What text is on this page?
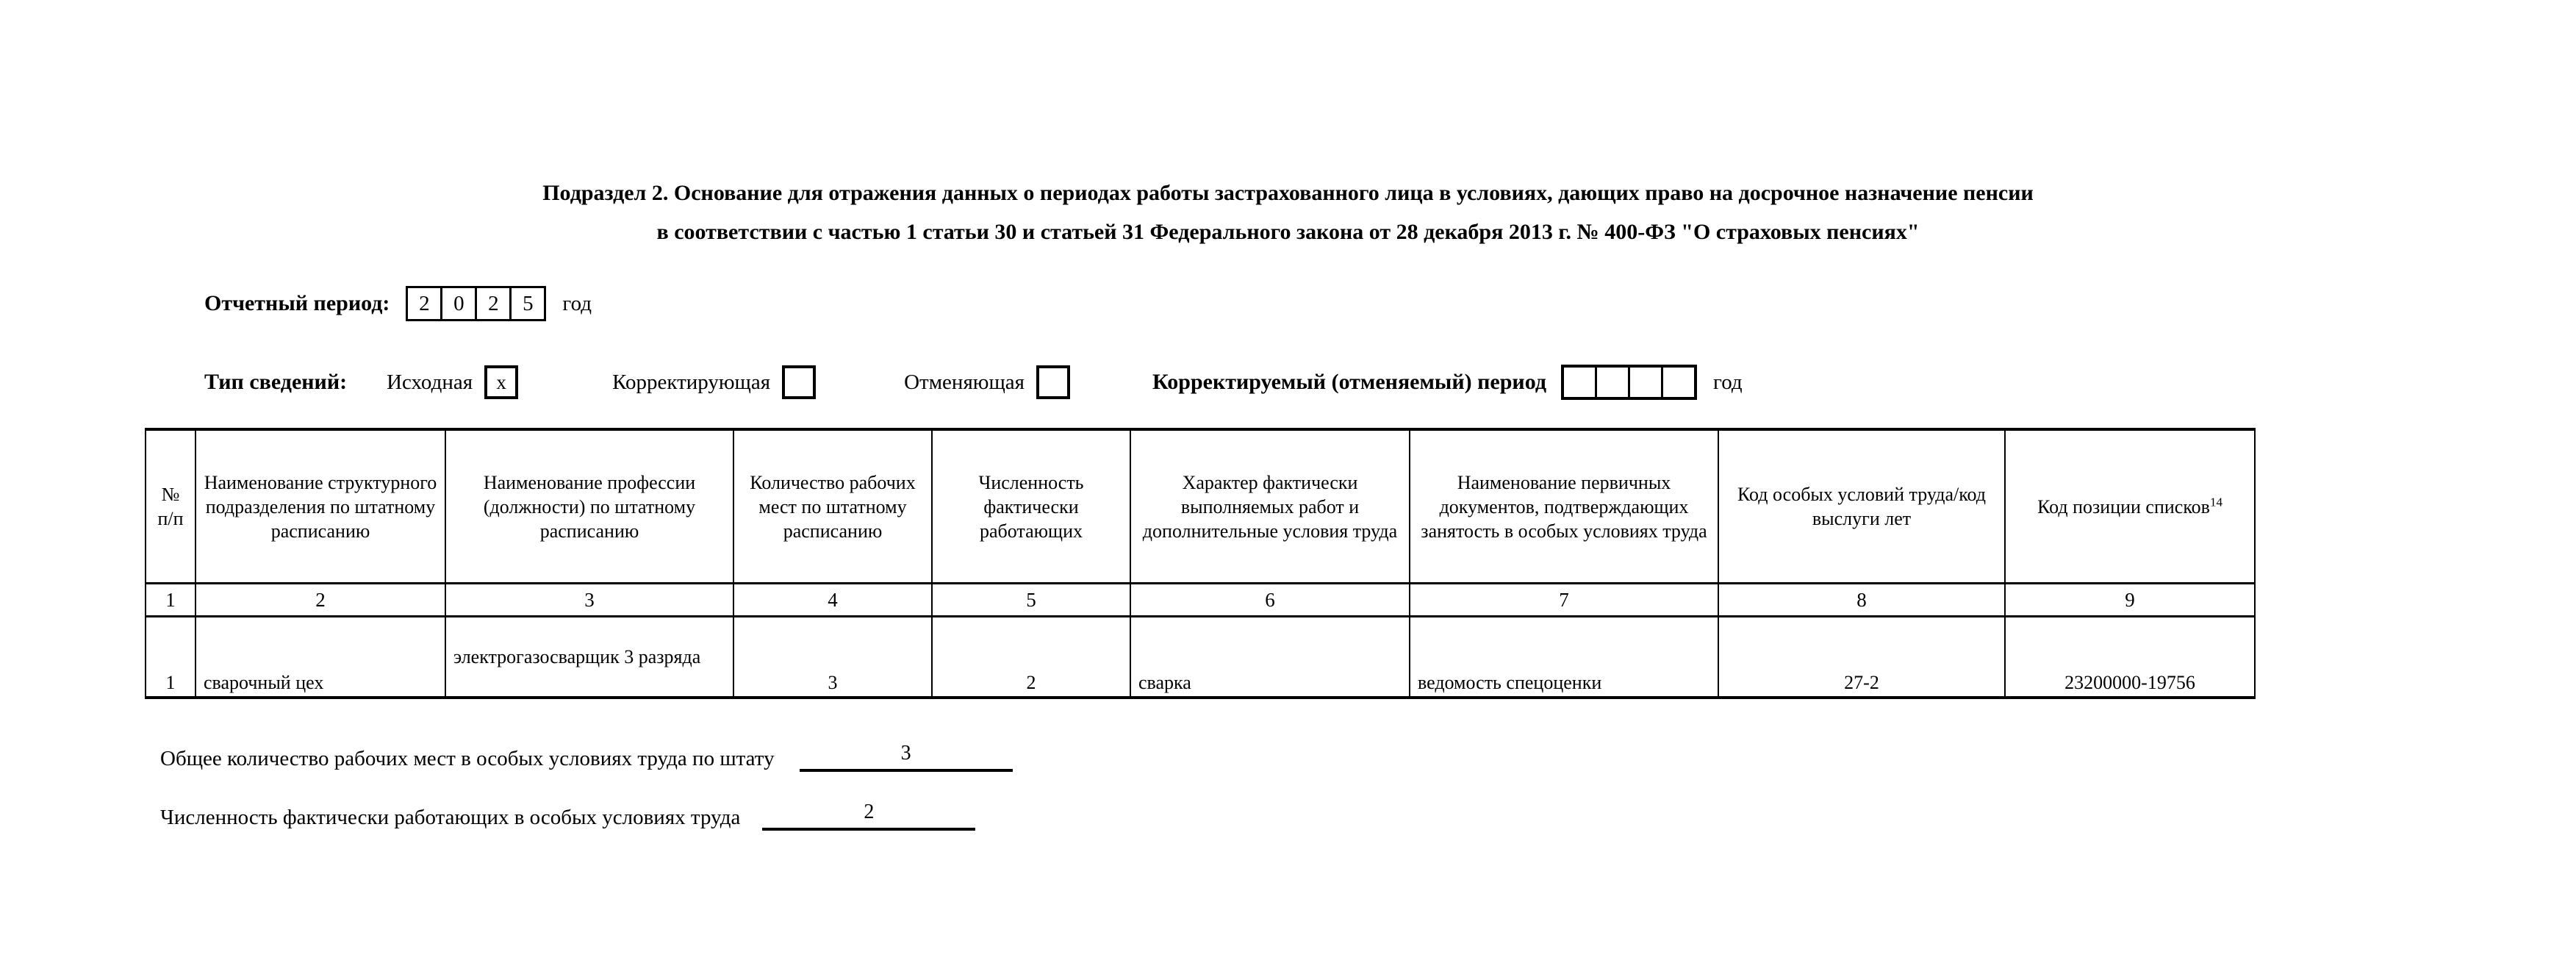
Подраздел 2. Основание для отражения данных о периодах работы застрахованного лица в условиях, дающих право на досрочное назначение пенсии
в соответствии с частью 1 статьи 30 и статьей 31 Федерального закона от 28 декабря 2013 г. № 400-ФЗ "О страховых пенсиях"
Отчетный период:	2	0	2	5	год
Тип сведений: Исходная	x	Корректирующая	Отменяющая	Корректируемый (отменяемый) период	год
№ п/п	Наименование структурного подразделения по штатному расписанию	Наименование профессии (должности) по штатному расписанию	Количество рабочих мест по штатному расписанию	Численность фактически работающих	Характер фактически выполняемых работ и дополнительные условия труда	Наименование первичных документов, подтверждающих занятость в особых условиях труда	Код особых условий труда/код выслуги лет	Код позиции списков$^{14}$
1	2	3	4	5	6	7	8	9
1	сварочный цех	электрогазосварщик 3 разряда	3	2	сварка	ведомость спецоценки	27-2	23200000-19756
Общее количество рабочих мест в особых условиях труда по штату	3
Численность фактически работающих в особых условиях труда	2
